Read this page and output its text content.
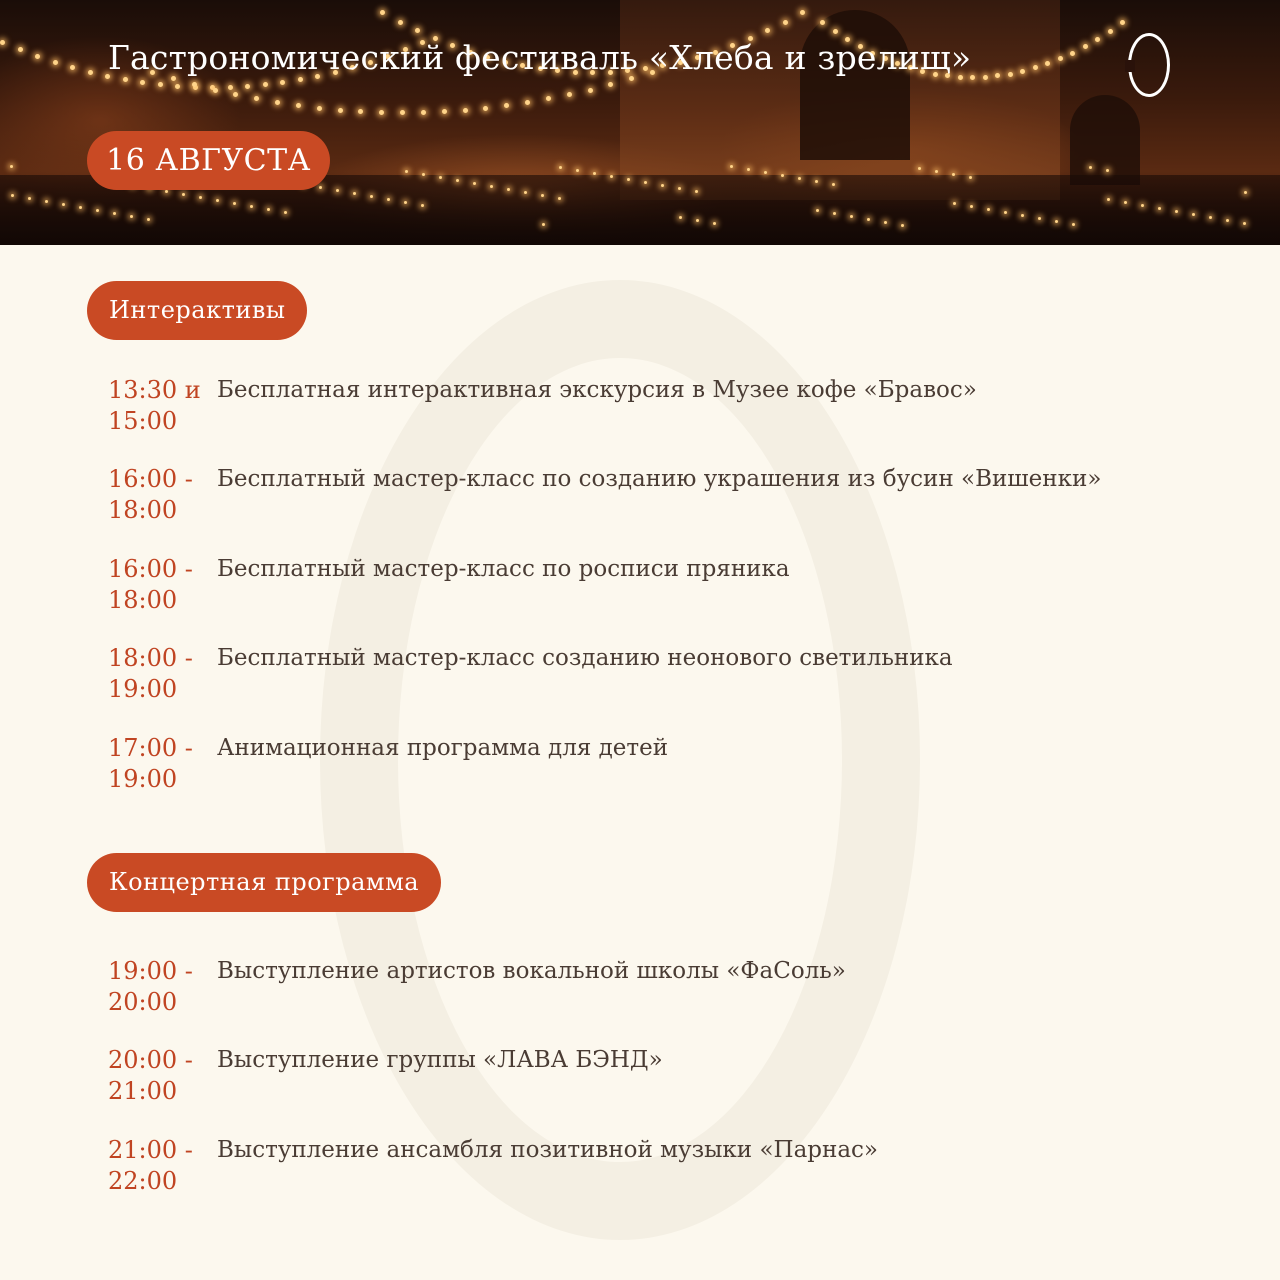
Гастрономический фестиваль «Хлеба и зрелищ»
16 АВГУСТА
Интерактивы
13:30 и
15:00
Бесплатная интерактивная экскурсия в Музее кофе «Бравос»
16:00 -
18:00
Бесплатный мастер-класс по созданию украшения из бусин «Вишенки»
16:00 -
18:00
Бесплатный мастер-класс по росписи пряника
18:00 -
19:00
Бесплатный мастер-класс созданию неонового светильника
17:00 -
19:00
Анимационная программа для детей
Концертная программа
19:00 -
20:00
Выступление артистов вокальной школы «ФаСоль»
20:00 -
21:00
Выступление группы «ЛАВА БЭНД»
21:00 -
22:00
Выступление ансамбля позитивной музыки «Парнас»
